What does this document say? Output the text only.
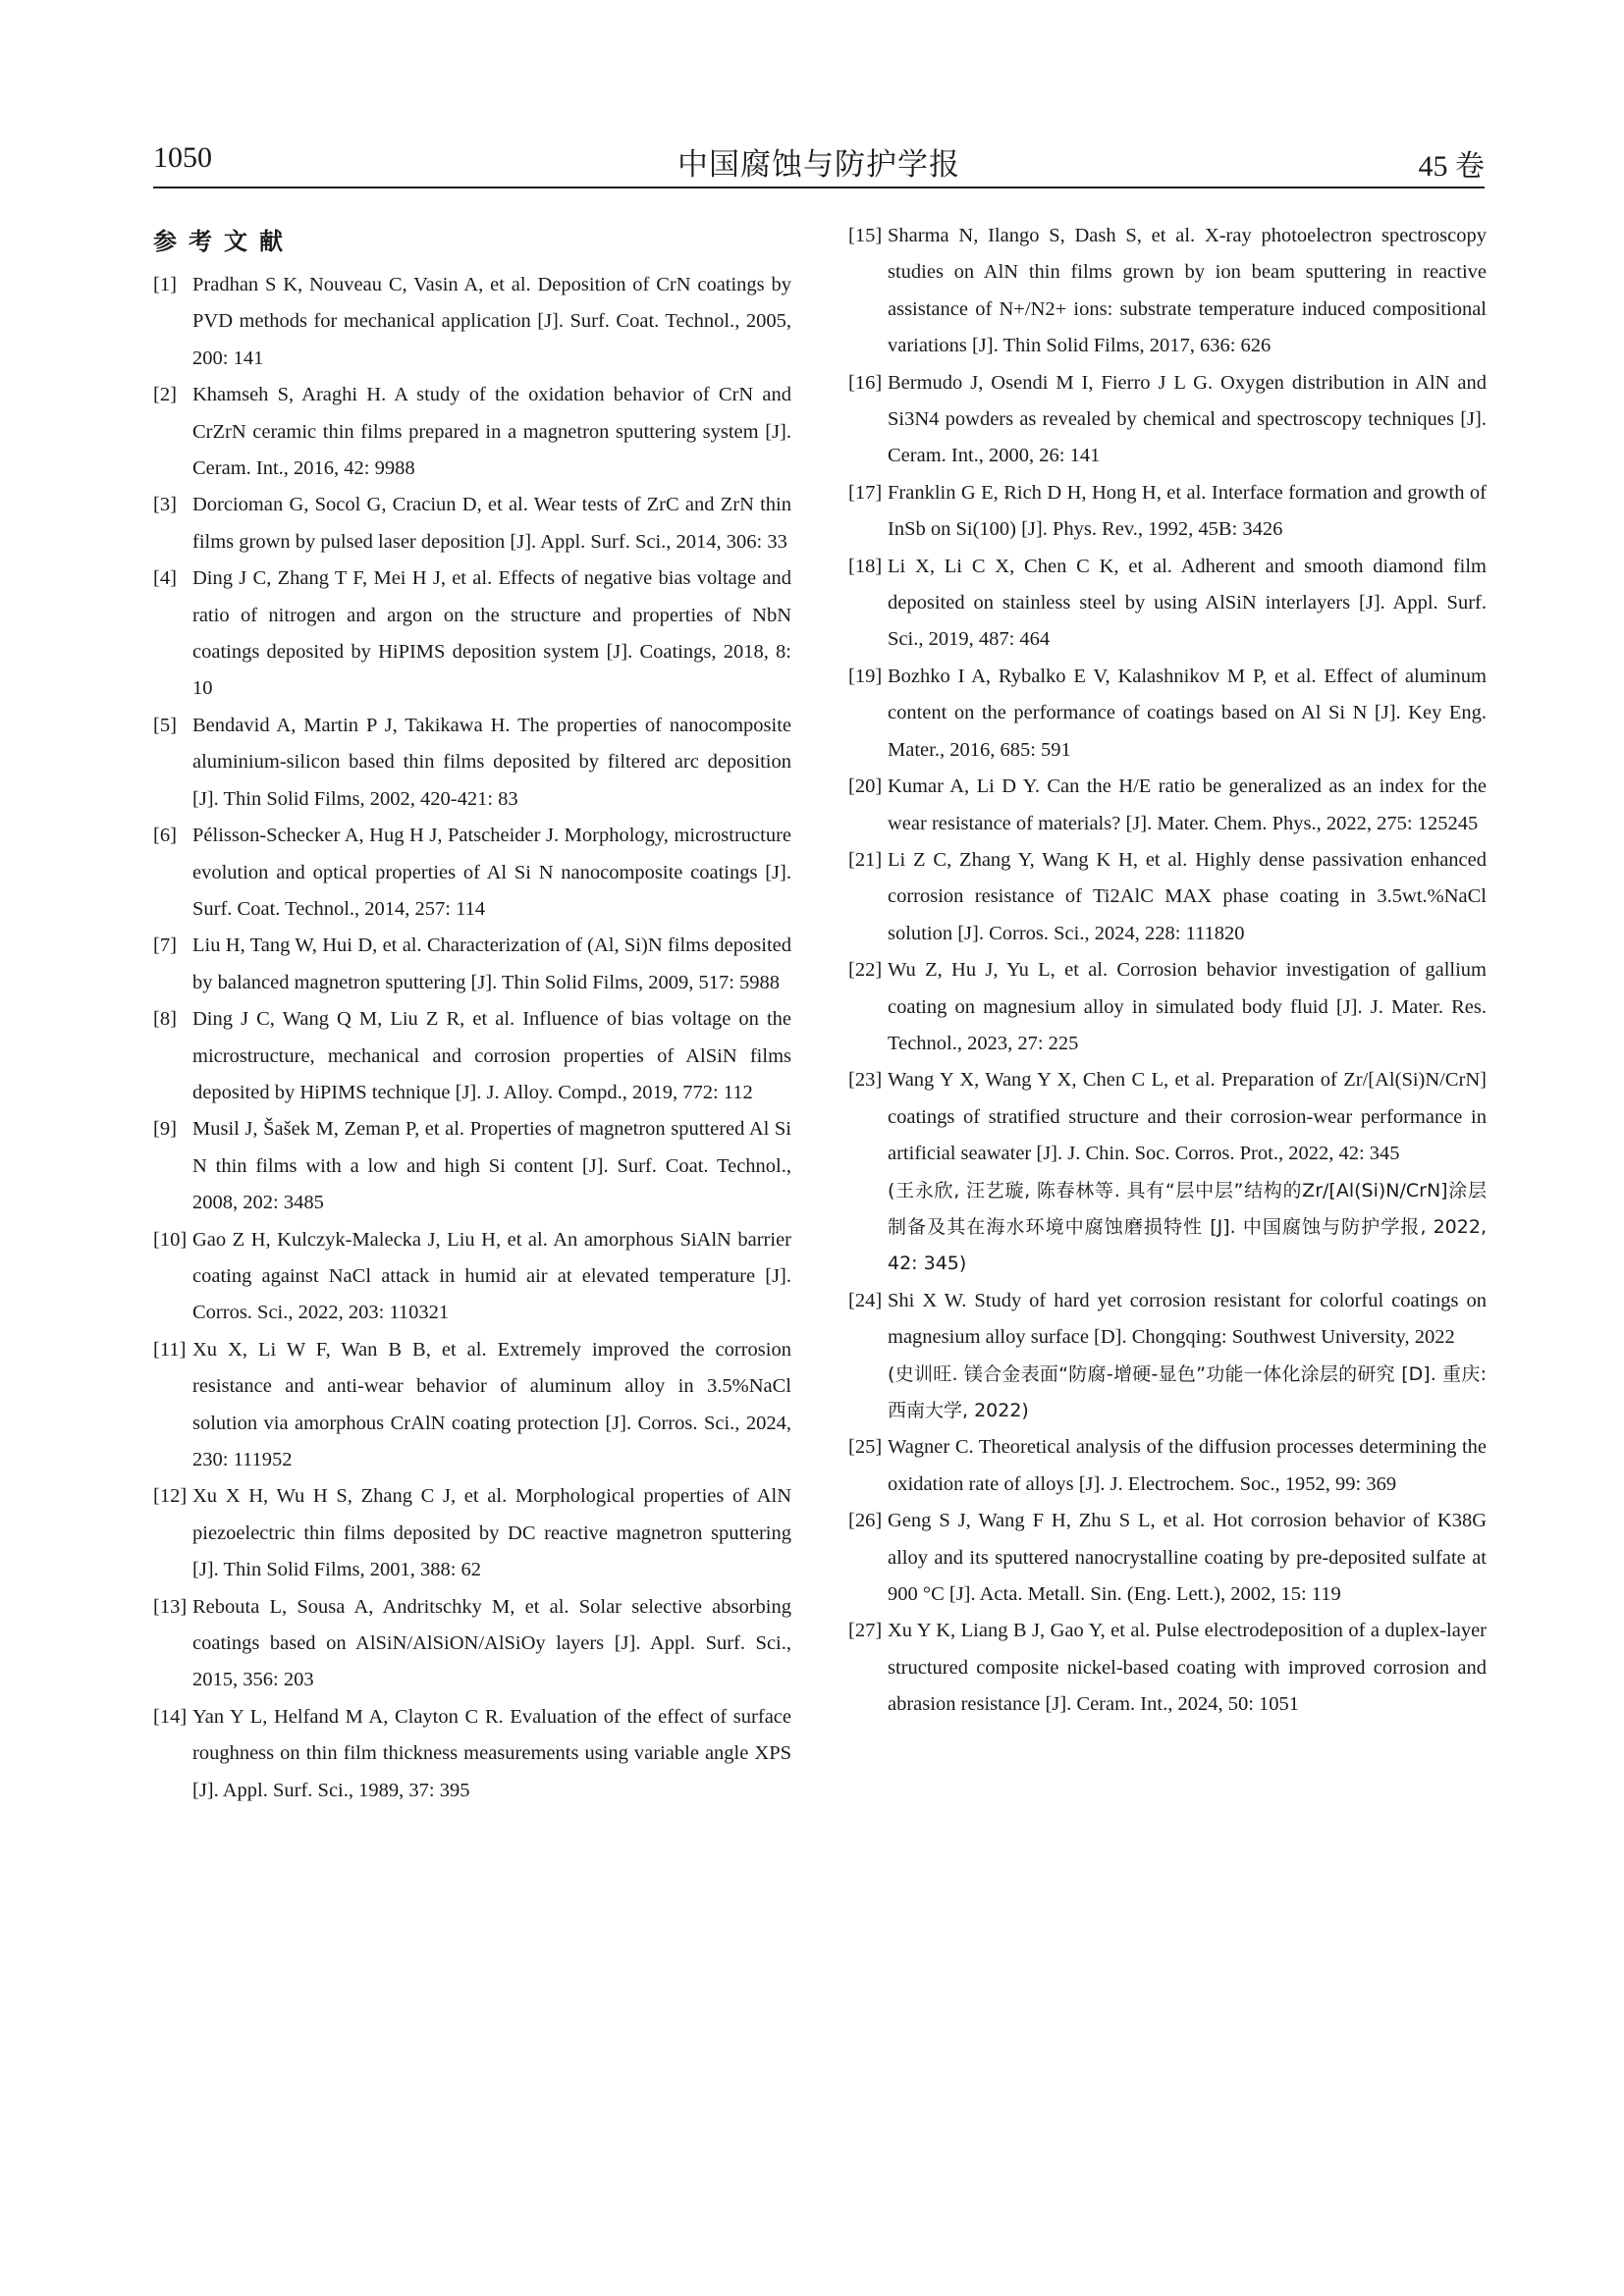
1050	中国腐蚀与防护学报	45 卷
参考文献
[1] Pradhan S K, Nouveau C, Vasin A, et al. Deposition of CrN coatings by PVD methods for mechanical application [J]. Surf. Coat. Technol., 2005, 200: 141
[2] Khamseh S, Araghi H. A study of the oxidation behavior of CrN and CrZrN ceramic thin films prepared in a magnetron sputtering system [J]. Ceram. Int., 2016, 42: 9988
[3] Dorcioman G, Socol G, Craciun D, et al. Wear tests of ZrC and ZrN thin films grown by pulsed laser deposition [J]. Appl. Surf. Sci., 2014, 306: 33
[4] Ding J C, Zhang T F, Mei H J, et al. Effects of negative bias voltage and ratio of nitrogen and argon on the structure and properties of NbN coatings deposited by HiPIMS deposition system [J]. Coatings, 2018, 8: 10
[5] Bendavid A, Martin P J, Takikawa H. The properties of nanocomposite aluminium-silicon based thin films deposited by filtered arc deposition [J]. Thin Solid Films, 2002, 420-421: 83
[6] Pélisson-Schecker A, Hug H J, Patscheider J. Morphology, microstructure evolution and optical properties of Al Si N nanocomposite coatings [J]. Surf. Coat. Technol., 2014, 257: 114
[7] Liu H, Tang W, Hui D, et al. Characterization of (Al, Si)N films deposited by balanced magnetron sputtering [J]. Thin Solid Films, 2009, 517: 5988
[8] Ding J C, Wang Q M, Liu Z R, et al. Influence of bias voltage on the microstructure, mechanical and corrosion properties of AlSiN films deposited by HiPIMS technique [J]. J. Alloy. Compd., 2019, 772: 112
[9] Musil J, Šašek M, Zeman P, et al. Properties of magnetron sputtered Al Si N thin films with a low and high Si content [J]. Surf. Coat. Technol., 2008, 202: 3485
[10] Gao Z H, Kulczyk-Malecka J, Liu H, et al. An amorphous SiAlN barrier coating against NaCl attack in humid air at elevated temperature [J]. Corros. Sci., 2022, 203: 110321
[11] Xu X, Li W F, Wan B B, et al. Extremely improved the corrosion resistance and anti-wear behavior of aluminum alloy in 3.5%NaCl solution via amorphous CrAlN coating protection [J]. Corros. Sci., 2024, 230: 111952
[12] Xu X H, Wu H S, Zhang C J, et al. Morphological properties of AlN piezoelectric thin films deposited by DC reactive magnetron sputtering [J]. Thin Solid Films, 2001, 388: 62
[13] Rebouta L, Sousa A, Andritschky M, et al. Solar selective absorbing coatings based on AlSiN/AlSiON/AlSiOy layers [J]. Appl. Surf. Sci., 2015, 356: 203
[14] Yan Y L, Helfand M A, Clayton C R. Evaluation of the effect of surface roughness on thin film thickness measurements using variable angle XPS [J]. Appl. Surf. Sci., 1989, 37: 395
[15] Sharma N, Ilango S, Dash S, et al. X-ray photoelectron spectroscopy studies on AlN thin films grown by ion beam sputtering in reactive assistance of N+/N2+ ions: substrate temperature induced compositional variations [J]. Thin Solid Films, 2017, 636: 626
[16] Bermudo J, Osendi M I, Fierro J L G. Oxygen distribution in AlN and Si3N4 powders as revealed by chemical and spectroscopy techniques [J]. Ceram. Int., 2000, 26: 141
[17] Franklin G E, Rich D H, Hong H, et al. Interface formation and growth of InSb on Si(100) [J]. Phys. Rev., 1992, 45B: 3426
[18] Li X, Li C X, Chen C K, et al. Adherent and smooth diamond film deposited on stainless steel by using AlSiN interlayers [J]. Appl. Surf. Sci., 2019, 487: 464
[19] Bozhko I A, Rybalko E V, Kalashnikov M P, et al. Effect of aluminum content on the performance of coatings based on Al Si N [J]. Key Eng. Mater., 2016, 685: 591
[20] Kumar A, Li D Y. Can the H/E ratio be generalized as an index for the wear resistance of materials? [J]. Mater. Chem. Phys., 2022, 275: 125245
[21] Li Z C, Zhang Y, Wang K H, et al. Highly dense passivation enhanced corrosion resistance of Ti2AlC MAX phase coating in 3.5wt.%NaCl solution [J]. Corros. Sci., 2024, 228: 111820
[22] Wu Z, Hu J, Yu L, et al. Corrosion behavior investigation of gallium coating on magnesium alloy in simulated body fluid [J]. J. Mater. Res. Technol., 2023, 27: 225
[23] Wang Y X, Wang Y X, Chen C L, et al. Preparation of Zr/[Al(Si)N/CrN] coatings of stratified structure and their corrosion-wear performance in artificial seawater [J]. J. Chin. Soc. Corros. Prot., 2022, 42: 345
(王永欣, 汪艺璇, 陈春林等. 具有“层中层”结构的Zr/[Al(Si)N/CrN]涂层制备及其在海水环境中腐蚀磨损特性 [J]. 中国腐蚀与防护学报, 2022, 42: 345)
[24] Shi X W. Study of hard yet corrosion resistant for colorful coatings on magnesium alloy surface [D]. Chongqing: Southwest University, 2022
(史训旺. 镁合金表面“防腐-增硬-显色”功能一体化涂层的研究 [D]. 重庆: 西南大学, 2022)
[25] Wagner C. Theoretical analysis of the diffusion processes determining the oxidation rate of alloys [J]. J. Electrochem. Soc., 1952, 99: 369
[26] Geng S J, Wang F H, Zhu S L, et al. Hot corrosion behavior of K38G alloy and its sputtered nanocrystalline coating by pre-deposited sulfate at 900 °C [J]. Acta. Metall. Sin. (Eng. Lett.), 2002, 15: 119
[27] Xu Y K, Liang B J, Gao Y, et al. Pulse electrodeposition of a duplex-layer structured composite nickel-based coating with improved corrosion and abrasion resistance [J]. Ceram. Int., 2024, 50: 1051
